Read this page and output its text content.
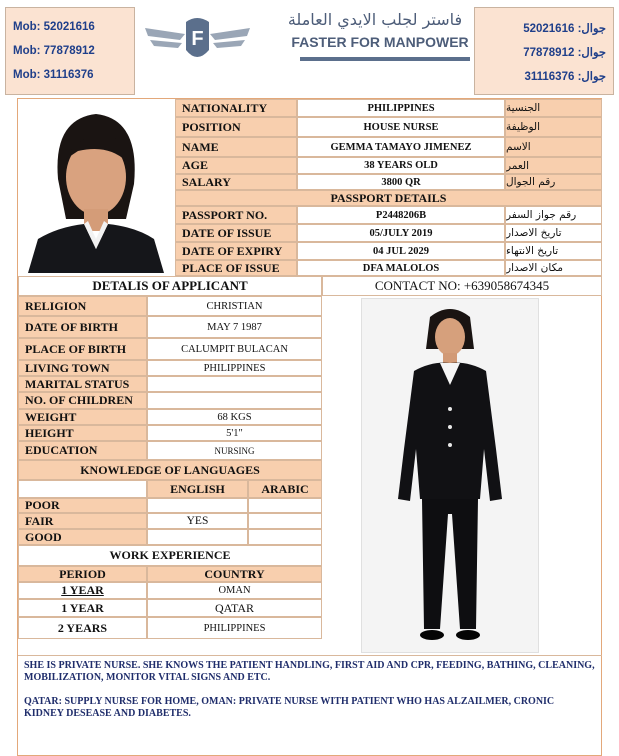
Mob: 52021616
Mob: 77878912
Mob: 31116376
F
فاستر لجلب الايدي العاملة
FASTER FOR MANPOWER
جوال: 52021616
جوال: 77878912
جوال: 31116376
NATIONALITY	PHILIPPINES	الجنسية
POSITION	HOUSE NURSE	الوظيفة
NAME	GEMMA TAMAYO JIMENEZ	الاسم
AGE	38 YEARS OLD	العمر
SALARY	3800 QR	رقم الجوال
PASSPORT DETAILS
PASSPORT NO.	P2448206B	رقم جواز السفر
DATE OF ISSUE	05/JULY 2019	تاريخ الاصدار
DATE OF EXPIRY	04 JUL 2029	تاريخ الانتهاء
PLACE OF ISSUE	DFA MALOLOS	مكان الاصدار
DETALIS OF APPLICANT	CONTACT NO: +639058674345
RELIGION	CHRISTIAN
DATE OF BIRTH	MAY 7 1987
PLACE OF BIRTH	CALUMPIT BULACAN
LIVING TOWN	PHILIPPINES
MARITAL STATUS
NO. OF CHILDREN
WEIGHT	68 KGS
HEIGHT	5'1"
EDUCATION	NURSING
KNOWLEDGE OF LANGUAGES
ENGLISH	ARABIC
POOR
FAIR	YES
GOOD
WORK EXPERIENCE
PERIOD	COUNTRY
1 YEAR	OMAN
1 YEAR	QATAR
2 YEARS	PHILIPPINES
SHE IS PRIVATE NURSE. SHE KNOWS THE PATIENT HANDLING, FIRST AID AND CPR, FEEDING, BATHING, CLEANING, MOBILIZATION, MONITOR VITAL SIGNS AND ETC.
QATAR: SUPPLY NURSE FOR HOME, OMAN: PRIVATE NURSE WITH PATIENT WHO HAS ALZAILMER, CRONIC KIDNEY DESEASE AND DIABETES.
